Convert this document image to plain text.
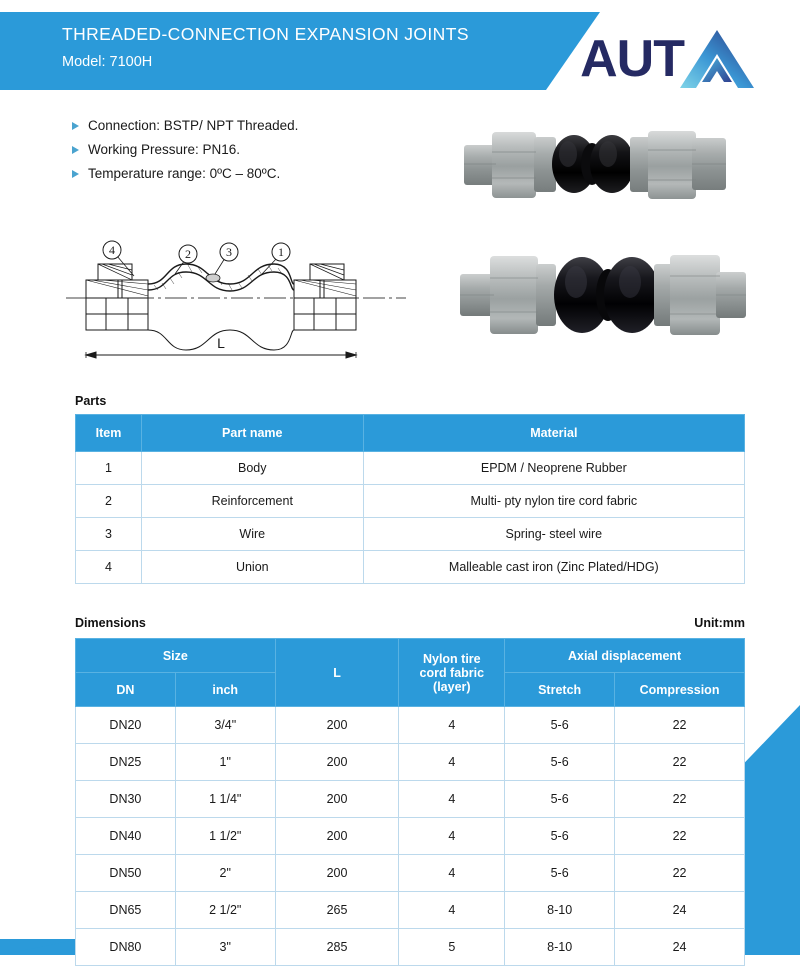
THREADED-CONNECTION EXPANSION JOINTS
Model: 7100H	AUT
Connection: BSTP/ NPT Threaded.
Working Pressure: PN16.
Temperature range: 0ºC – 80ºC.
4	2	3	1
L
Parts
Item	Part name	Material
1	Body	EPDM / Neoprene Rubber
2	Reinforcement	Multi- pty nylon tire cord fabric
3	Wire	Spring- steel wire
4	Union	Malleable cast iron (Zinc Plated/HDG)
Dimensions	Unit:mm
Size		L	Nylon tire
cord fabric
(layer)	Axial displacement	
DN	inch			Stretch	Compression
DN20	3/4"	200	4	5-6	22
DN25	1"	200	4	5-6	22
DN30	1 1/4"	200	4	5-6	22
DN40	1 1/2"	200	4	5-6	22
DN50	2"	200	4	5-6	22
DN65	2 1/2"	265	4	8-10	24
DN80	3"	285	5	8-10	24
